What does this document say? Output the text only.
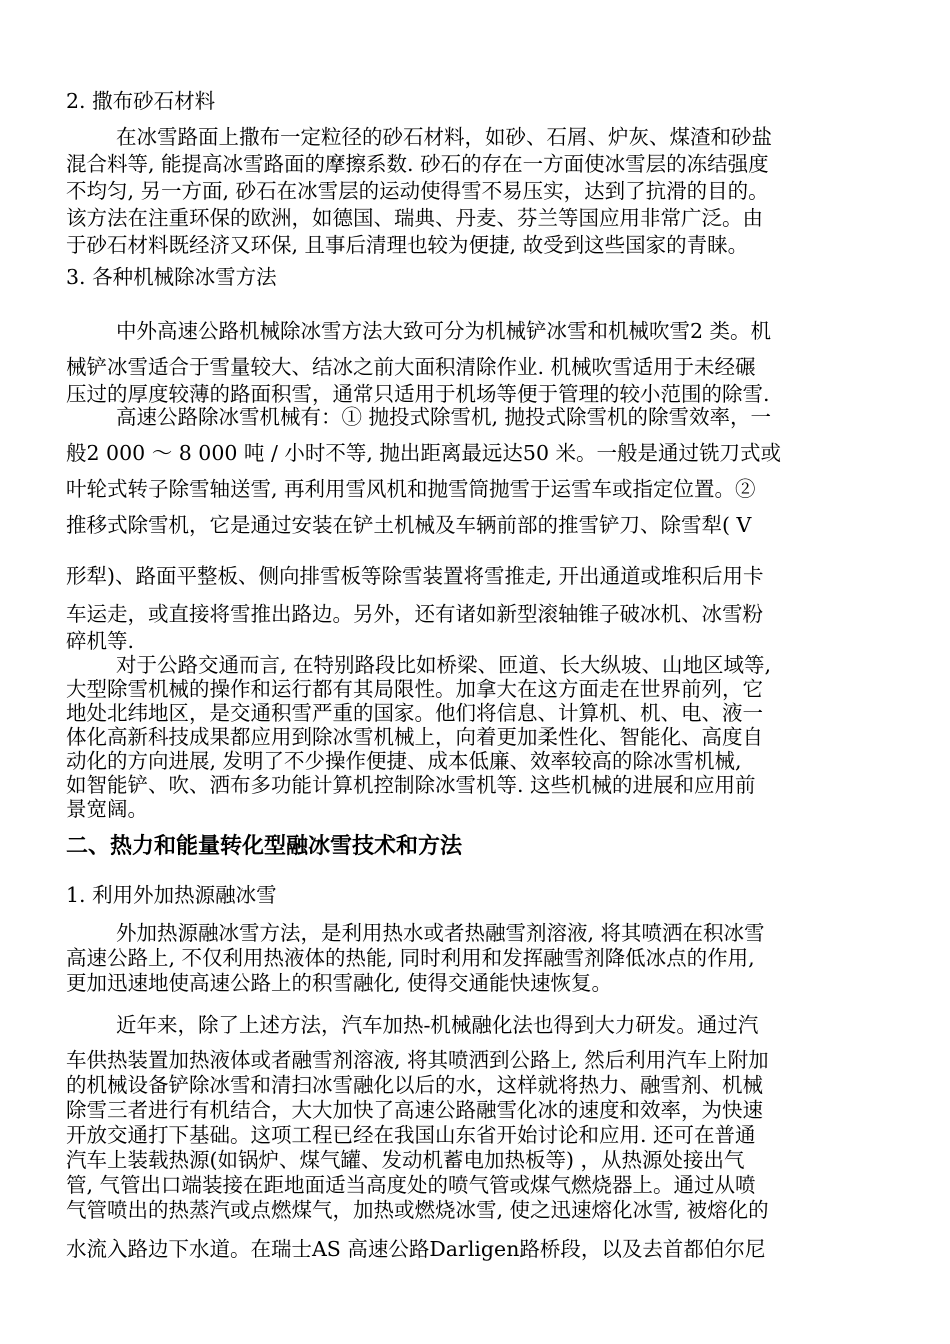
2. 撒布砂石材料
在冰雪路面上撒布一定粒径的砂石材料，如砂、石屑、炉灰、煤渣和砂盐
混合料等, 能提高冰雪路面的摩擦系数. 砂石的存在一方面使冰雪层的冻结强度
不均匀, 另一方面, 砂石在冰雪层的运动使得雪不易压实，达到了抗滑的目的。
该方法在注重环保的欧洲，如德国、瑞典、丹麦、芬兰等国应用非常广泛。由
于砂石材料既经济又环保, 且事后清理也较为便捷, 故受到这些国家的青睐。
3. 各种机械除冰雪方法
中外高速公路机械除冰雪方法大致可分为机械铲冰雪和机械吹雪2 类。机
械铲冰雪适合于雪量较大、结冰之前大面积清除作业. 机械吹雪适用于未经碾
压过的厚度较薄的路面积雪，通常只适用于机场等便于管理的较小范围的除雪.
高速公路除冰雪机械有：① 抛投式除雪机, 抛投式除雪机的除雪效率，一
般2 000 ～ 8 000 吨 / 小时不等, 抛出距离最远达50 米。一般是通过铣刀式或
叶轮式转子除雪轴送雪, 再利用雪风机和抛雪筒抛雪于运雪车或指定位置。②
推移式除雪机，它是通过安装在铲土机械及车辆前部的推雪铲刀、除雪犁( V
形犁)、路面平整板、侧向排雪板等除雪装置将雪推走, 开出通道或堆积后用卡
车运走，或直接将雪推出路边。另外，还有诸如新型滚轴锥子破冰机、冰雪粉
碎机等.
对于公路交通而言, 在特别路段比如桥梁、匝道、长大纵坡、山地区域等,
大型除雪机械的操作和运行都有其局限性。加拿大在这方面走在世界前列，它
地处北纬地区，是交通积雪严重的国家。他们将信息、计算机、机、电、液一
体化高新科技成果都应用到除冰雪机械上，向着更加柔性化、智能化、高度自
动化的方向进展, 发明了不少操作便捷、成本低廉、效率较高的除冰雪机械,
如智能铲、吹、洒布多功能计算机控制除冰雪机等. 这些机械的进展和应用前
景宽阔。
二、热力和能量转化型融冰雪技术和方法
1. 利用外加热源融冰雪
外加热源融冰雪方法，是利用热水或者热融雪剂溶液, 将其喷洒在积冰雪
高速公路上, 不仅利用热液体的热能, 同时利用和发挥融雪剂降低冰点的作用,
更加迅速地使高速公路上的积雪融化, 使得交通能快速恢复。
近年来，除了上述方法，汽车加热-机械融化法也得到大力研发。通过汽
车供热装置加热液体或者融雪剂溶液, 将其喷洒到公路上, 然后利用汽车上附加
的机械设备铲除冰雪和清扫冰雪融化以后的水，这样就将热力、融雪剂、机械
除雪三者进行有机结合，大大加快了高速公路融雪化冰的速度和效率，为快速
开放交通打下基础。这项工程已经在我国山东省开始讨论和应用. 还可在普通
汽车上装载热源(如锅炉、煤气罐、发动机蓄电加热板等) ，从热源处接出气
管, 气管出口端装接在距地面适当高度处的喷气管或煤气燃烧器上。通过从喷
气管喷出的热蒸汽或点燃煤气，加热或燃烧冰雪, 使之迅速熔化冰雪, 被熔化的
水流入路边下水道。在瑞士AS 高速公路Darligen路桥段，以及去首都伯尔尼
